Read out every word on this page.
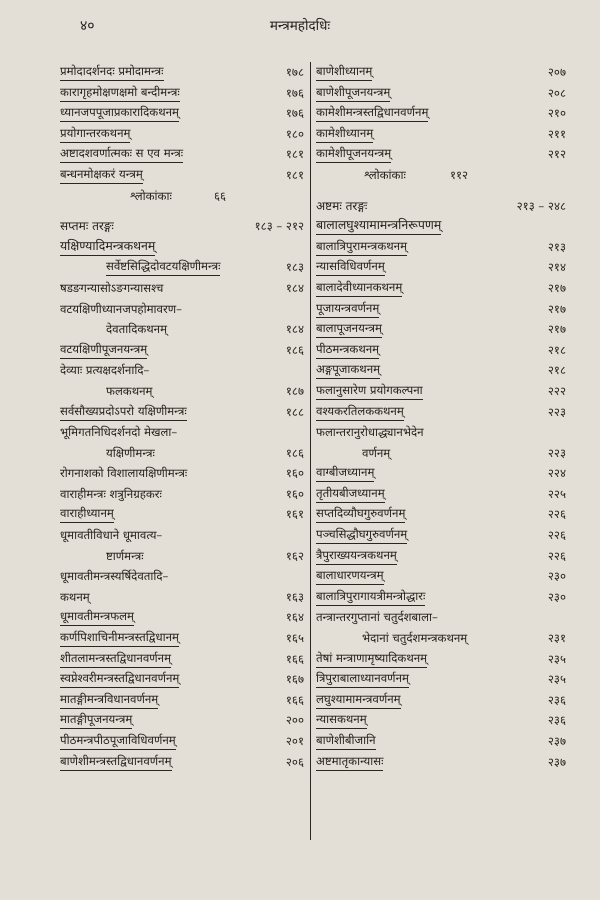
४०	मन्त्रमहोदधिः
प्रमोदादर्शनदः प्रमोदामन्त्रः	१७८
कारागृहमोक्षणक्षमो बन्दीमन्त्रः	१७६
ध्यानजपपूजाप्रकारादिकथनम्	१७६
प्रयोगान्तरकथनम्	१८०
अष्टादशवर्णात्मकः स एव मन्त्रः	१८१
बन्धनमोक्षकरं यन्त्रम्	१८१
श्लोकांकाः	६६
सप्तमः तरङ्गः	१८३ – २१२
यक्षिण्यादिमन्त्रकथनम्
सर्वेष्टसिद्धिदोवटयक्षिणीमन्त्रः	१८३
षडङगन्यासोऽङगन्यासश्च	१८४
वटयक्षिणीध्यानजपहोमावरण–
देवतादिकथनम्	१८४
वटयक्षिणीपूजनयन्त्रम्	१८६
देव्याः प्रत्यक्षदर्शनादि–
फलकथनम्	१८७
सर्वसौख्यप्रदोऽपरो यक्षिणीमन्त्रः	१८८
भूमिगतनिधिदर्शनदो मेखला–
यक्षिणीमन्त्रः	१८६
रोगनाशको विशालायक्षिणीमन्त्रः	१६०
वाराहीमन्त्रः शत्रुनिग्रहकरः	१६०
वाराहीध्यानम्	१६१
धूमावतीविधाने धूमावत्य–
ष्टार्णमन्त्रः	१६२
धूमावतीमन्त्रस्यर्षिदेवतादि–
कथनम्	१६३
धूमावतीमन्त्रफलम्	१६४
कर्णपिशाचिनीमन्त्रस्तद्विधानम्	१६५
शीतलामन्त्रस्तद्विधानवर्णनम्	१६६
स्वप्नेश्वरीमन्त्रस्तद्विधानवर्णनम्	१६७
मातङ्गीमन्त्रविधानवर्णनम्	१६६
मातङ्गीपूजनयन्त्रम्	२००
पीठमन्त्रपीठपूजाविधिवर्णनम्	२०१
बाणेशीमन्त्रस्तद्विधानवर्णनम्	२०६
बाणेशीध्यानम्	२०७
बाणेशीपूजनयन्त्रम्	२०८
कामेशीमन्त्रस्तद्विधानवर्णनम्	२१०
कामेशीध्यानम्	२११
कामेशीपूजनयन्त्रम्	२१२
श्लोकांकाः	११२
अष्टमः तरङ्गः	२१३ – २४८
बालालघुश्यामामन्त्रनिरूपणम्
बालात्रिपुरामन्त्रकथनम्	२१३
न्यासविधिवर्णनम्	२१४
बालादेवीध्यानकथनम्	२१७
पूजायन्त्रवर्णनम्	२१७
बालापूजनयन्त्रम्	२१७
पीठमन्त्रकथनम्	२१८
अङ्गपूजाकथनम्	२१८
फलानुसारेण प्रयोगकल्पना	२२२
वश्यकरतिलककथनम्	२२३
फलान्तरानुरोधाद्ध्यानभेदेन
वर्णनम्	२२३
वाग्बीजध्यानम्	२२४
तृतीयबीजध्यानम्	२२५
सप्तदिव्यौघगुरुवर्णनम्	२२६
पञ्चसिद्धौघगुरुवर्णनम्	२२६
त्रैपुराख्ययन्त्रकथनम्	२२६
बालाधारणयन्त्रम्	२३०
बालात्रिपुरागायत्रीमन्त्रोद्धारः	२३०
तन्त्रान्तरगुप्तानां चतुर्दशबाला–
भेदानां चतुर्दशमन्त्रकथनम्	२३१
तेषां मन्त्राणामृष्यादिकथनम्	२३५
त्रिपुराबालाध्यानवर्णनम्	२३५
लघुश्यामामन्त्रवर्णनम्	२३६
न्यासकथनम्	२३६
बाणेशीबीजानि	२३७
अष्टमातृकान्यासः	२३७
